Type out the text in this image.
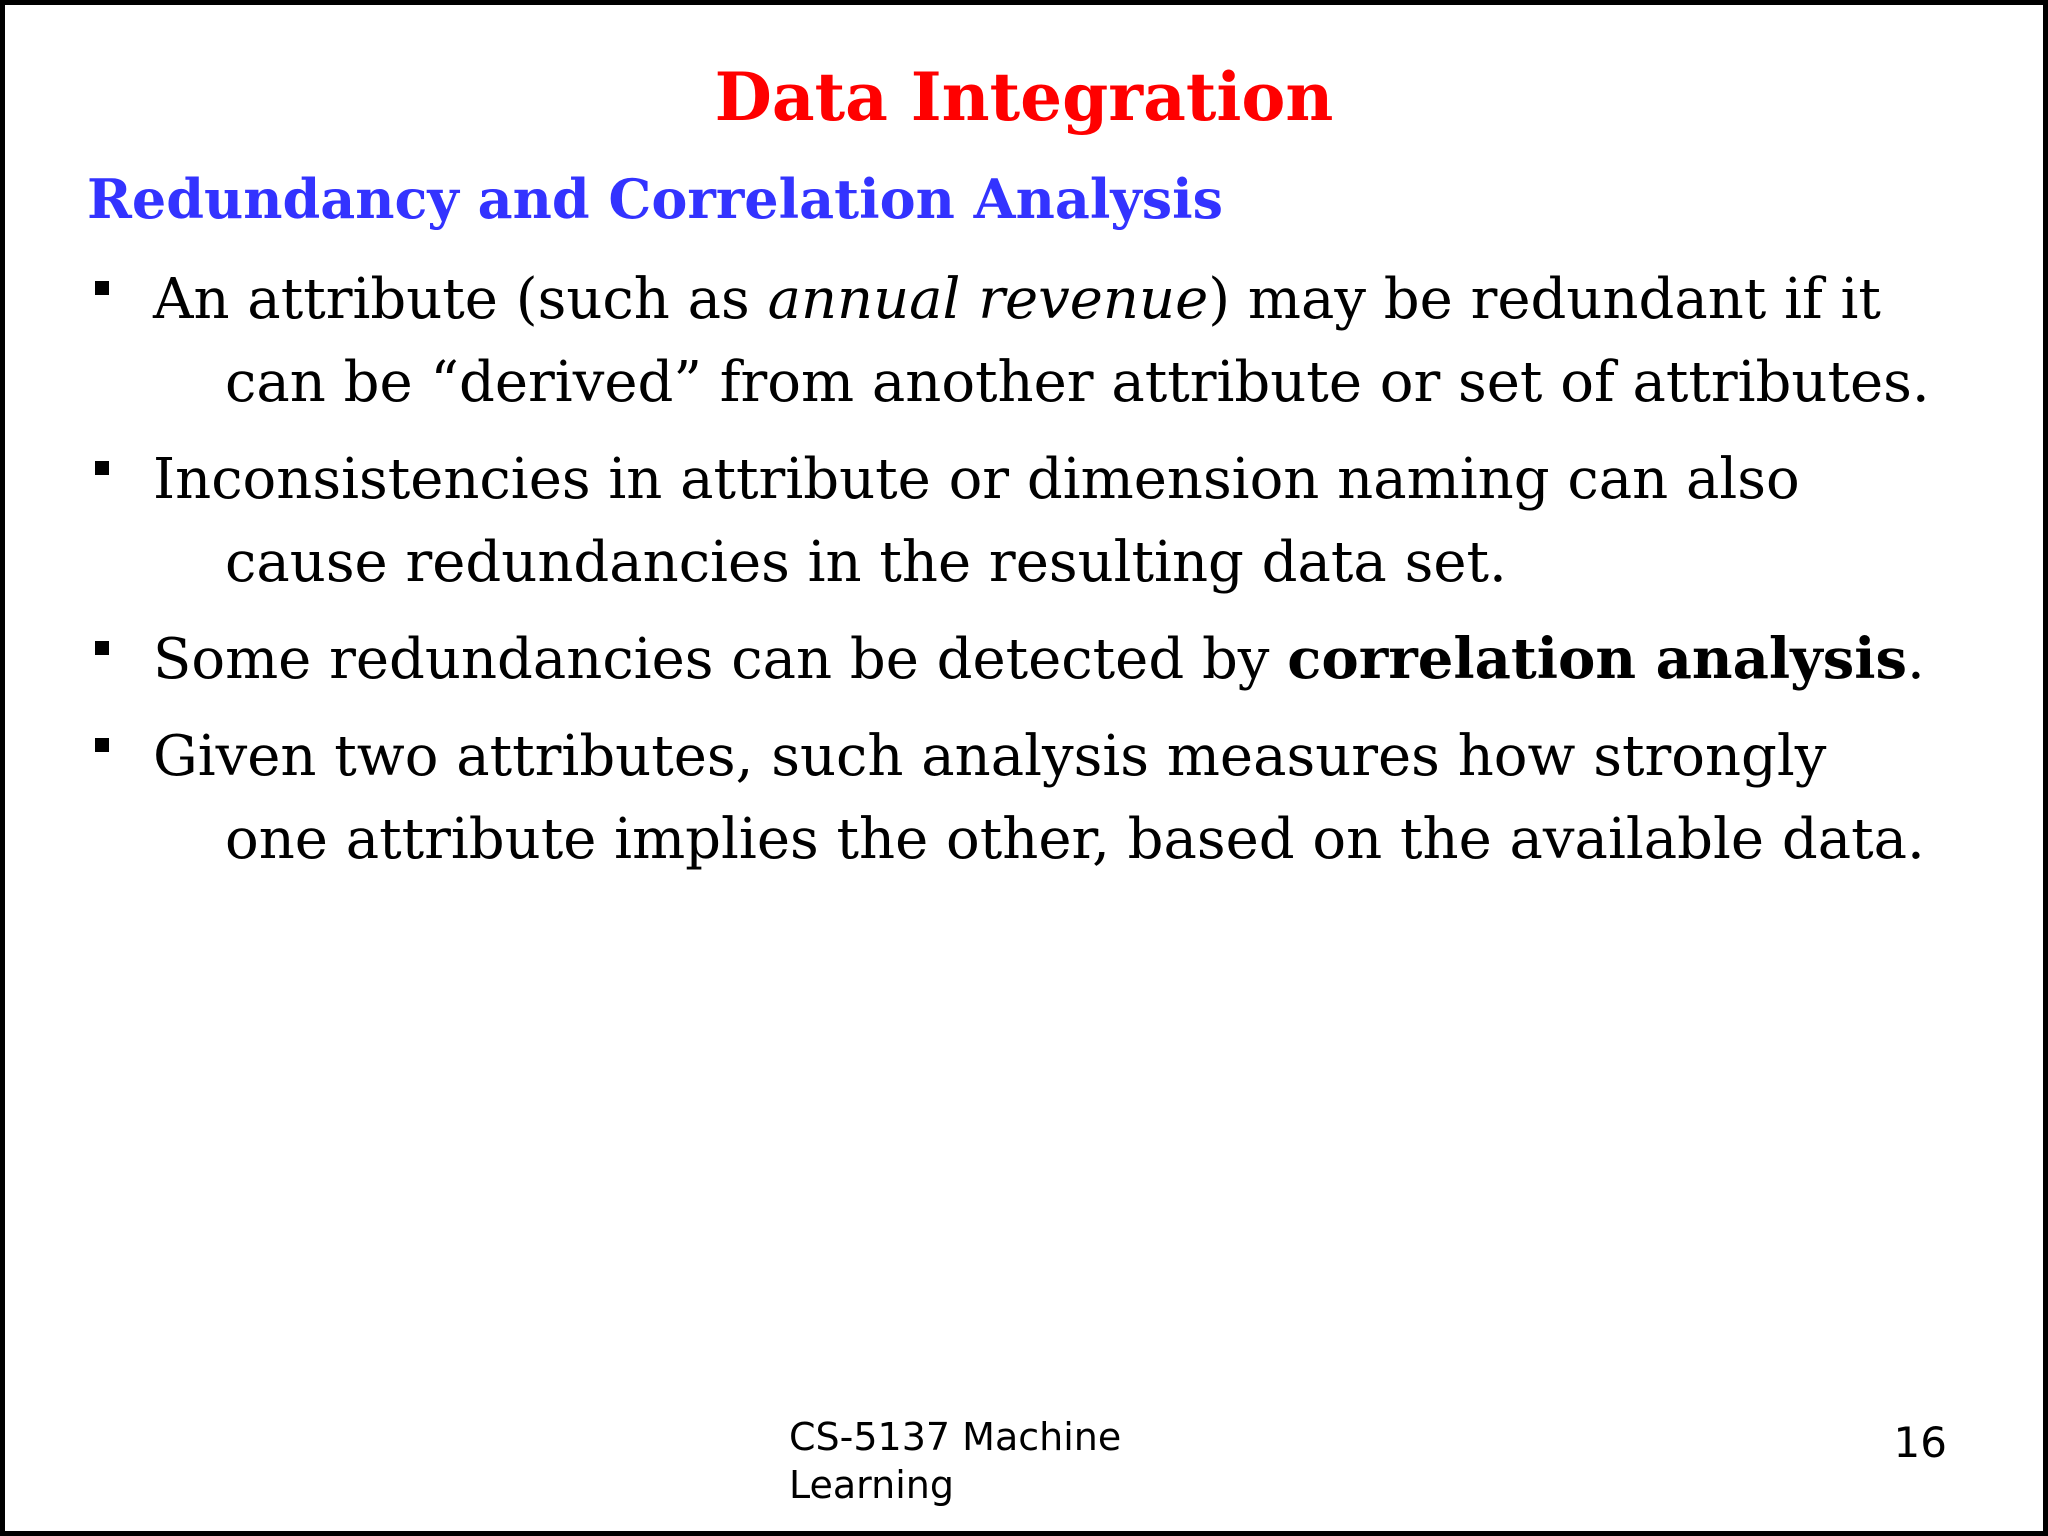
Data Integration
Redundancy and Correlation Analysis
An attribute (such as annual revenue) may be redundant if it
can be “derived” from another attribute or set of attributes.
Inconsistencies in attribute or dimension naming can also
cause redundancies in the resulting data set.
Some redundancies can be detected by correlation analysis.
Given two attributes, such analysis measures how strongly
one attribute implies the other, based on the available data.
CS-5137 Machine Learning
16
